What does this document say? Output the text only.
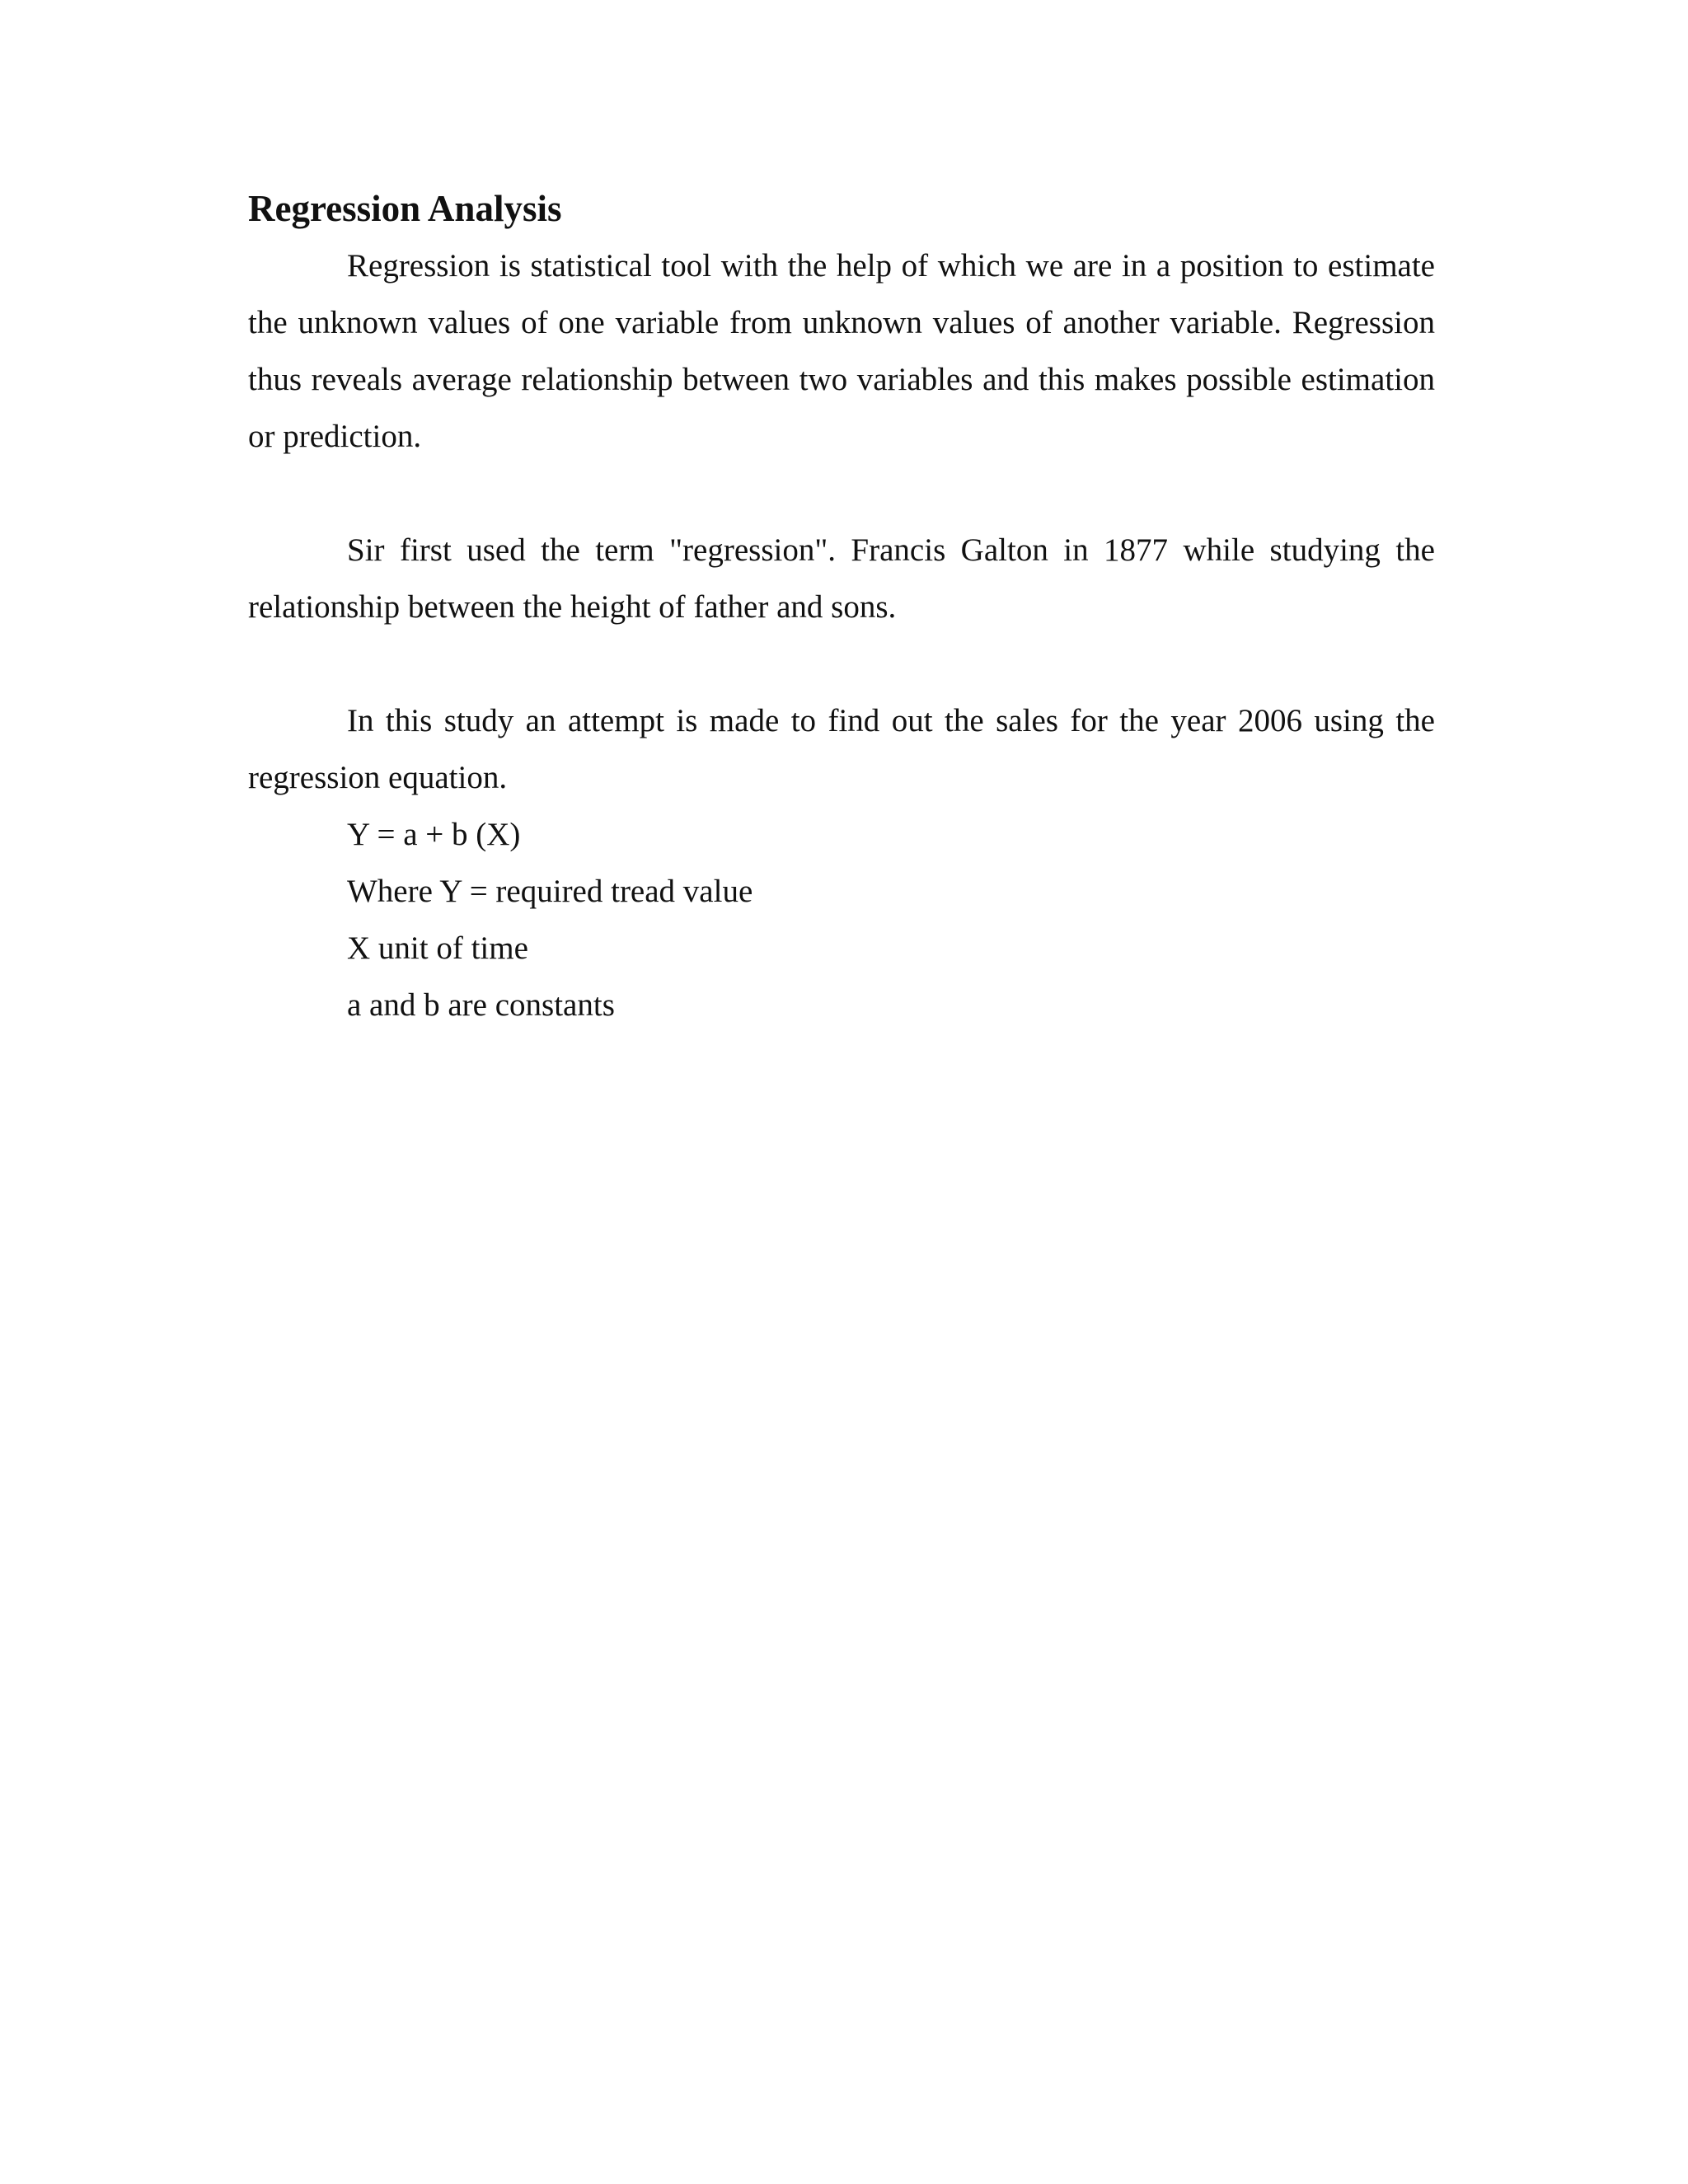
Regression Analysis

Regression is statistical tool with the help of which we are in a position to estimate the unknown values of one variable from unknown values of another variable. Regression thus reveals average relationship between two variables and this makes possible estimation or prediction.

Sir first used the term "regression". Francis Galton in 1877 while studying the relationship between the height of father and sons.

In this study an attempt is made to find out the sales for the year 2006 using the regression equation.

Y = a + b (X)

Where Y = required tread value

X unit of time

a and b are constants
